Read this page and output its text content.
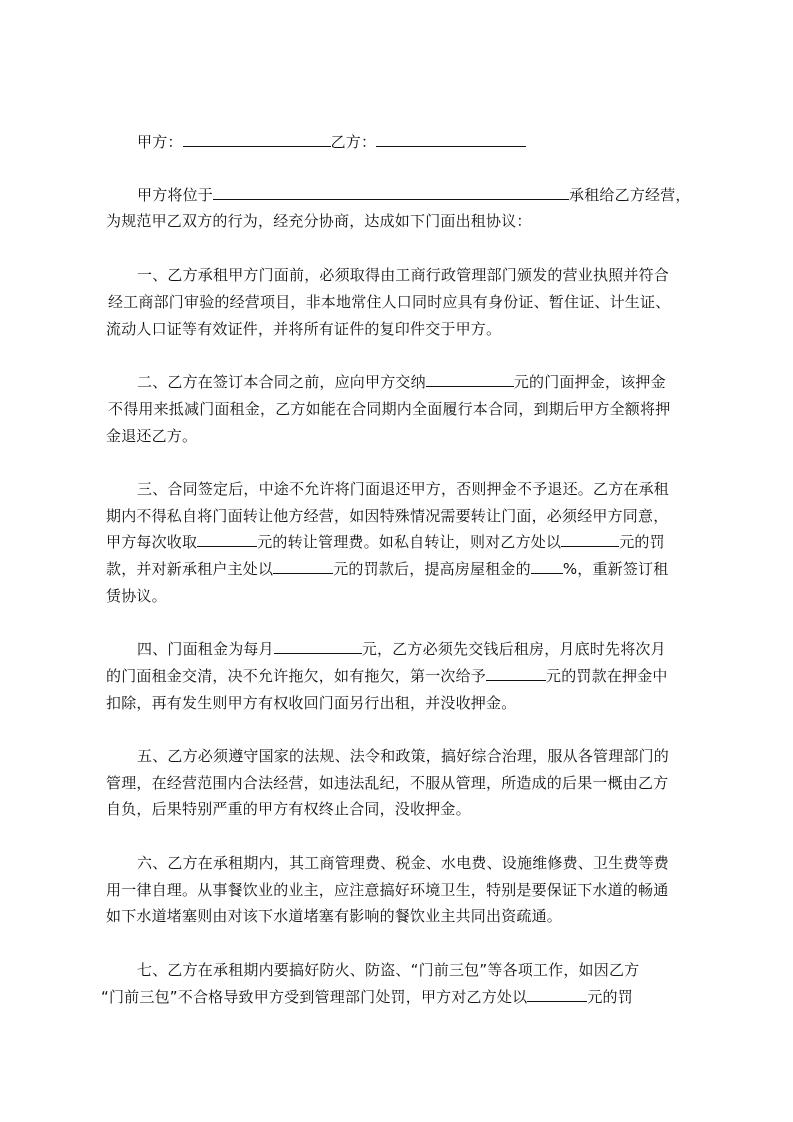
甲方：	乙方：
甲方将位于	承租给乙方经营，
为规范甲乙双方的行为，经充分协商，达成如下门面出租协议：
一、乙方承租甲方门面前，必须取得由工商行政管理部门颁发的营业执照并符合
经工商部门审验的经营项目，非本地常住人口同时应具有身份证、暂住证、计生证、
流动人口证等有效证件，并将所有证件的复印件交于甲方。
二、乙方在签订本合同之前，应向甲方交纳	元的门面押金，该押金
不得用来抵减门面租金，乙方如能在合同期内全面履行本合同，到期后甲方全额将押
金退还乙方。
三、合同签定后，中途不允许将门面退还甲方，否则押金不予退还。乙方在承租
期内不得私自将门面转让他方经营，如因特殊情况需要转让门面，必须经甲方同意，
甲方每次收取	元的转让管理费。如私自转让，则对乙方处以	元的罚
款，并对新承租户主处以	元的罚款后，提高房屋租金的 %，重新签订租
赁协议。
四、门面租金为每月	元，乙方必须先交钱后租房，月底时先将次月
的门面租金交清，决不允许拖欠，如有拖欠，第一次给予	元的罚款在押金中
扣除，再有发生则甲方有权收回门面另行出租，并没收押金。
五、乙方必须遵守国家的法规、法令和政策，搞好综合治理，服从各管理部门的
管理，在经营范围内合法经营，如违法乱纪，不服从管理，所造成的后果一概由乙方
自负，后果特别严重的甲方有权终止合同，没收押金。
六、乙方在承租期内，其工商管理费、税金、水电费、设施维修费、卫生费等费
用一律自理。从事餐饮业的业主，应注意搞好环境卫生，特别是要保证下水道的畅通
如下水道堵塞则由对该下水道堵塞有影响的餐饮业主共同出资疏通。
七、乙方在承租期内要搞好防火、防盗、“门前三包”等各项工作，如因乙方
“门前三包”不合格导致甲方受到管理部门处罚，甲方对乙方处以	元的罚
